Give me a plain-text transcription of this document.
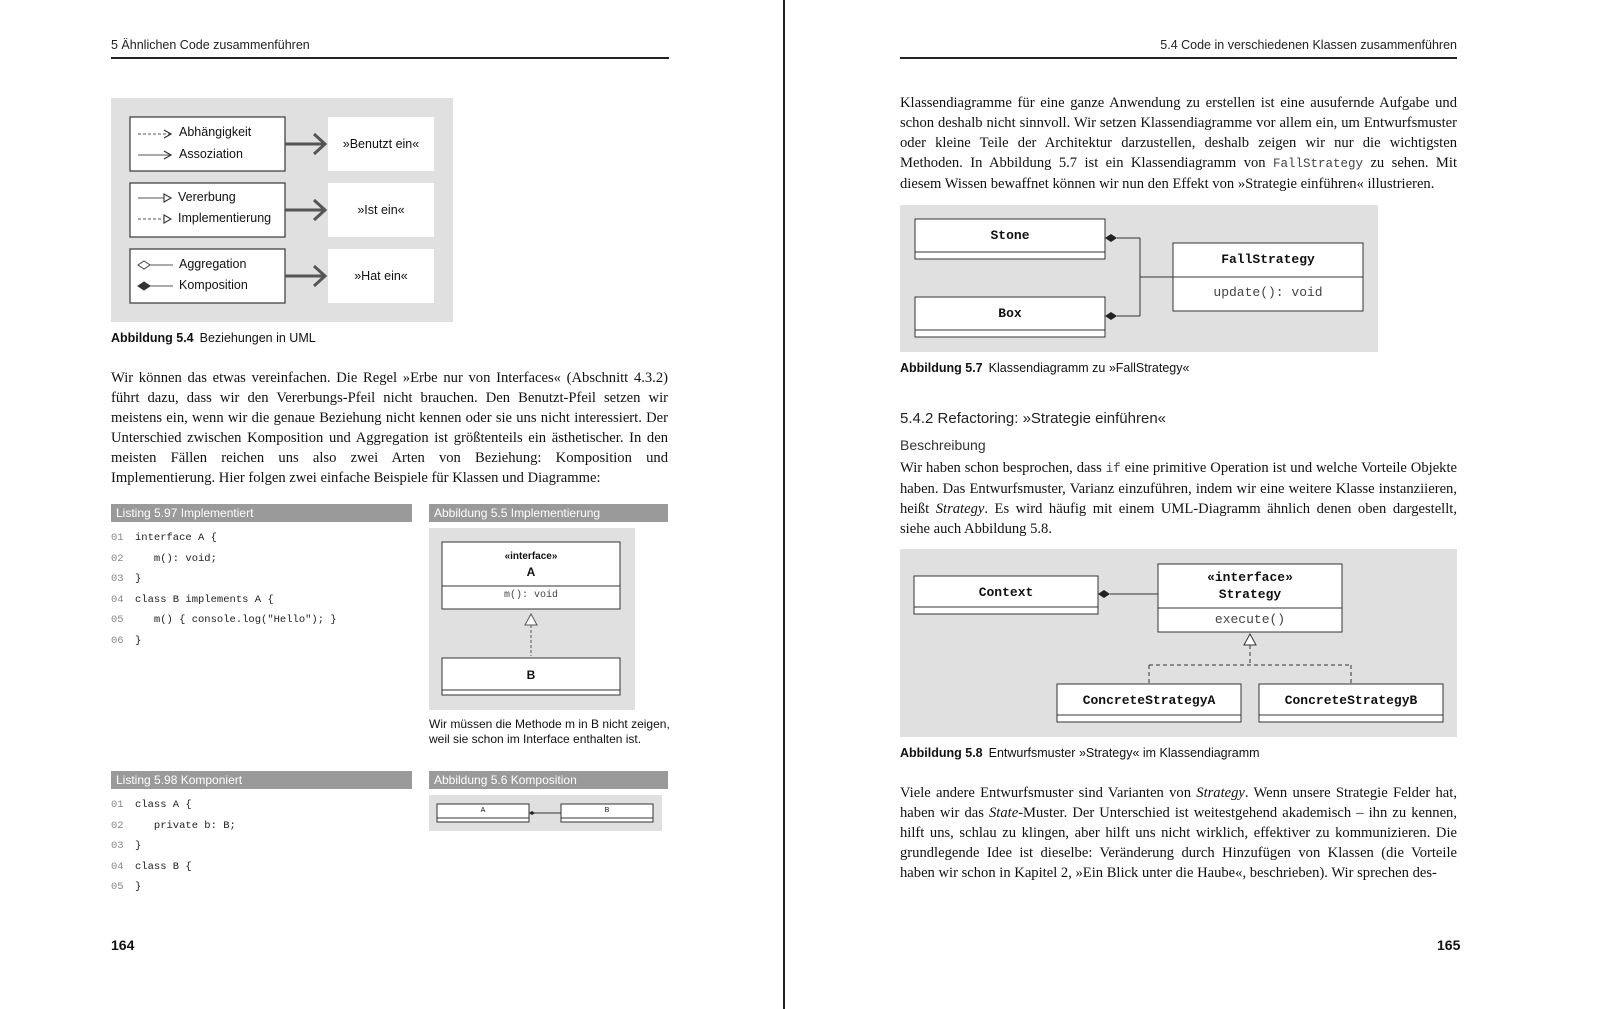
5 Ähnlichen Code zusammenführen
Abhängigkeit
Assoziation
Vererbung
Implementierung
Aggregation
Komposition
»Benutzt ein«
»Ist ein«
»Hat ein«
Abbildung 5.4 Beziehungen in UML
Wir können das etwas vereinfachen. Die Regel »Erbe nur von Interfaces« (Abschnitt 4.3.2) führt dazu, dass wir den Vererbungs-Pfeil nicht brauchen. Den Benutzt-Pfeil setzen wir meistens ein, wenn wir die genaue Beziehung nicht kennen oder sie uns nicht interessiert. Der Unterschied zwischen Komposition und Aggregation ist größtenteils ein ästhetischer. In den meisten Fällen reichen uns also zwei Arten von Beziehung: Komposition und Implementierung. Hier folgen zwei einfache Beispiele für Klassen und Diagramme:
Listing 5.97 Implementiert
01 interface A {
02   m(): void;
03 }
04 class B implements A {
05   m() { console.log("Hello"); }
06 }
Abbildung 5.5 Implementierung
«interface»
A
m(): void
B
Wir müssen die Methode m in B nicht zeigen,
weil sie schon im Interface enthalten ist.
Listing 5.98 Komponiert
01 class A {
02   private b: B;
03 }
04 class B {
05 }
Abbildung 5.6 Komposition
A	B
164
5.4 Code in verschiedenen Klassen zusammenführen
Klassendiagramme für eine ganze Anwendung zu erstellen ist eine ausufernde Aufgabe und schon deshalb nicht sinnvoll. Wir setzen Klassendiagramme vor allem ein, um Entwurfsmuster oder kleine Teile der Architektur darzustellen, deshalb zeigen wir nur die wichtigsten Methoden. In Abbildung 5.7 ist ein Klassendiagramm von FallStrategy zu sehen. Mit diesem Wissen bewaffnet können wir nun den Effekt von »Strategie einführen« illustrieren.
Stone
Box
FallStrategy
update(): void
Abbildung 5.7 Klassendiagramm zu »FallStrategy«
5.4.2 Refactoring: »Strategie einführen«
Beschreibung
Wir haben schon besprochen, dass if eine primitive Operation ist und welche Vorteile Objekte haben. Das Entwurfsmuster, Varianz einzuführen, indem wir eine weitere Klasse instanziieren, heißt Strategy. Es wird häufig mit einem UML-Diagramm ähnlich denen oben dargestellt, siehe auch Abbildung 5.8.
Context
«interface»
Strategy
execute()
ConcreteStrategyA	ConcreteStrategyB
Abbildung 5.8 Entwurfsmuster »Strategy« im Klassendiagramm
Viele andere Entwurfsmuster sind Varianten von Strategy. Wenn unsere Strategie Felder hat, haben wir das State-Muster. Der Unterschied ist weitestgehend akademisch – ihn zu kennen, hilft uns, schlau zu klingen, aber hilft uns nicht wirklich, effektiver zu kommunizieren. Die grundlegende Idee ist dieselbe: Veränderung durch Hinzufügen von Klassen (die Vorteile haben wir schon in Kapitel 2, »Ein Blick unter die Haube«, beschrieben). Wir sprechen des-
165
